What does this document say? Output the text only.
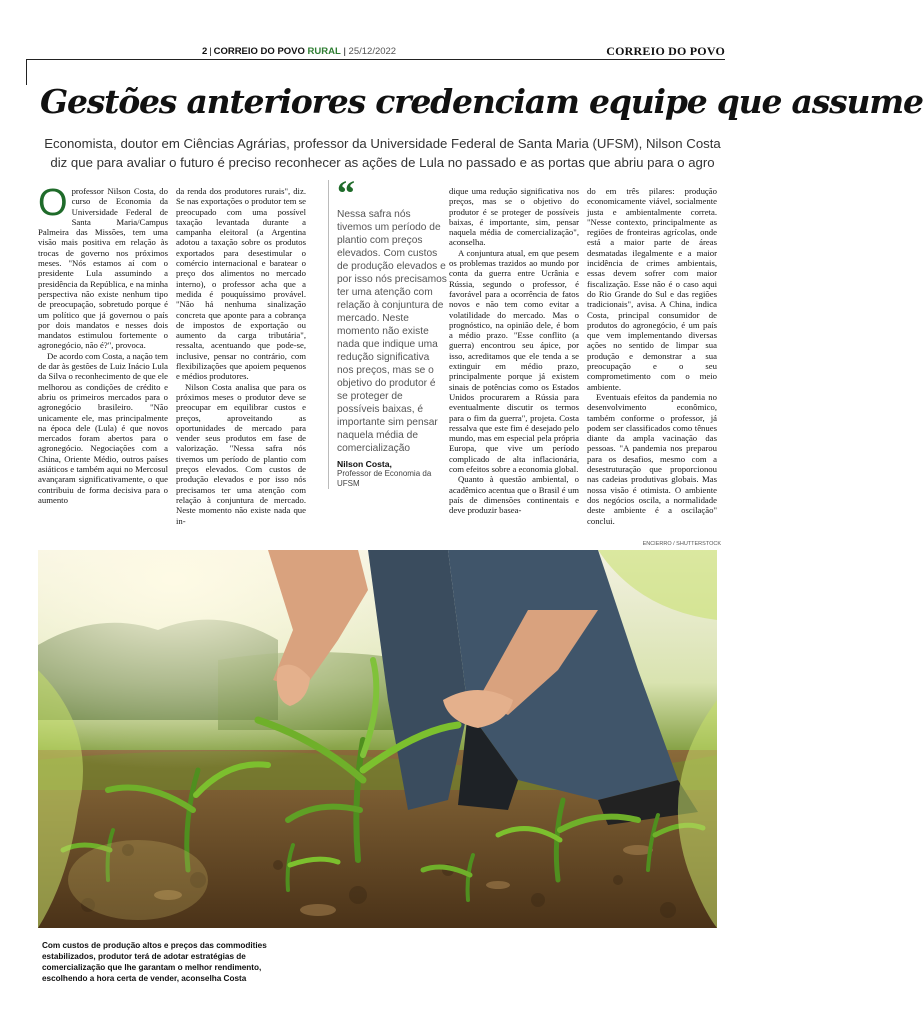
2 | CORREIO DO POVO RURAL | 25/12/2022	CORREIO DO POVO
Gestões anteriores credenciam equipe que assume
Economista, doutor em Ciências Agrárias, professor da Universidade Federal de Santa Maria (UFSM), Nilson Costa diz que para avaliar o futuro é preciso reconhecer as ações de Lula no passado e as portas que abriu para o agro

Oprofessor Nilson Costa, do curso de Economia da Universidade Federal de Santa Maria/Campus Palmeira das Missões, tem uma visão mais positiva em relação às trocas de governo nos próximos meses. "Nós estamos aí com o presidente Lula assumindo a presidência da República, e na minha perspectiva não existe nenhum tipo de preocupação, sobretudo porque é um político que já governou o país por dois mandatos e nesses dois mandatos estimulou fortemente o agronegócio, não é?", provoca.

De acordo com Costa, a nação tem de dar às gestões de Luiz Inácio Lula da Silva o reconhecimento de que ele melhorou as condições de crédito e abriu os primeiros mercados para o agronegócio brasileiro. "Não unicamente ele, mas principalmente na época dele (Lula) é que novos mercados foram abertos para o agronegócio. Negociações com a China, Oriente Médio, outros países asiáticos e também aqui no Mercosul avançaram significativamente, o que contribuiu de forma decisiva para o aumento

da renda dos produtores rurais", diz. Se nas exportações o produtor tem se preocupado com uma possível taxação levantada durante a campanha eleitoral (a Argentina adotou a taxação sobre os produtos exportados para desestimular o comércio internacional e baratear o preço dos alimentos no mercado interno), o professor acha que a medida é pouquíssimo provável. "Não há nenhuma sinalização concreta que aponte para a cobrança de impostos de exportação ou aumento da carga tributária", ressalta, acentuando que pode-se, inclusive, pensar no contrário, com flexibilizações que apoiem pequenos e médios produtores.

Nilson Costa analisa que para os próximos meses o produtor deve se preocupar em equilibrar custos e preços, aproveitando as oportunidades de mercado para vender seus produtos em fase de valorização. "Nessa safra nós tivemos um período de plantio com preços elevados. Com custos de produção elevados e por isso nós precisamos ter uma atenção com relação à conjuntura de mercado. Neste momento não existe nada que in-

“
Nessa safra nós tivemos um período de plantio com preços elevados. Com custos de produção elevados e por isso nós precisamos ter uma atenção com relação à conjuntura de mercado. Neste momento não existe nada que indique uma redução significativa nos preços, mas se o objetivo do produtor é se proteger de possíveis baixas, é importante sim pensar naquela média de comercialização
Nilson Costa,
Professor de Economia da UFSM

dique uma redução significativa nos preços, mas se o objetivo do produtor é se proteger de possíveis baixas, é importante, sim, pensar naquela média de comercialização", aconselha.

A conjuntura atual, em que pesem os problemas trazidos ao mundo por conta da guerra entre Ucrânia e Rússia, segundo o professor, é favorável para a ocorrência de fatos novos e não tem como evitar a volatilidade do mercado. Mas o prognóstico, na opinião dele, é bom a médio prazo. "Esse conflito (a guerra) encontrou seu ápice, por isso, acreditamos que ele tenda a se extinguir em médio prazo, principalmente porque já existem sinais de potências como os Estados Unidos procurarem a Rússia para eventualmente discutir os termos para o fim da guerra", projeta. Costa ressalva que este fim é desejado pelo mundo, mas em especial pela própria Europa, que vive um período complicado de alta inflacionária, com efeitos sobre a economia global.

Quanto à questão ambiental, o acadêmico acentua que o Brasil é um país de dimensões continentais e deve produzir basea-

do em três pilares: produção economicamente viável, socialmente justa e ambientalmente correta. "Nesse contexto, principalmente as regiões de fronteiras agrícolas, onde está a maior parte de áreas desmatadas ilegalmente e a maior incidência de crimes ambientais, essas devem sofrer com maior fiscalização. Esse não é o caso aqui do Rio Grande do Sul e das regiões tradicionais", avisa. A China, indica Costa, principal consumidor de produtos do agronegócio, é um país que vem implementando diversas ações no sentido de limpar sua produção e demonstrar a sua preocupação e o seu comprometimento com o meio ambiente.

Eventuais efeitos da pandemia no desenvolvimento econômico, também conforme o professor, já podem ser classificados como tênues diante da ampla vacinação das pessoas. "A pandemia nos preparou para os desafios, mesmo com a desestruturação que proporcionou nas cadeias produtivas globais. Mas nossa visão é otimista. O ambiente dos negócios oscila, a normalidade deste ambiente é a oscilação" conclui.

ENCIERRO / SHUTTERSTOCK
Com custos de produção altos e preços das commodities estabilizados, produtor terá de adotar estratégias de comercialização que lhe garantam o melhor rendimento, escolhendo a hora certa de vender, aconselha Costa
